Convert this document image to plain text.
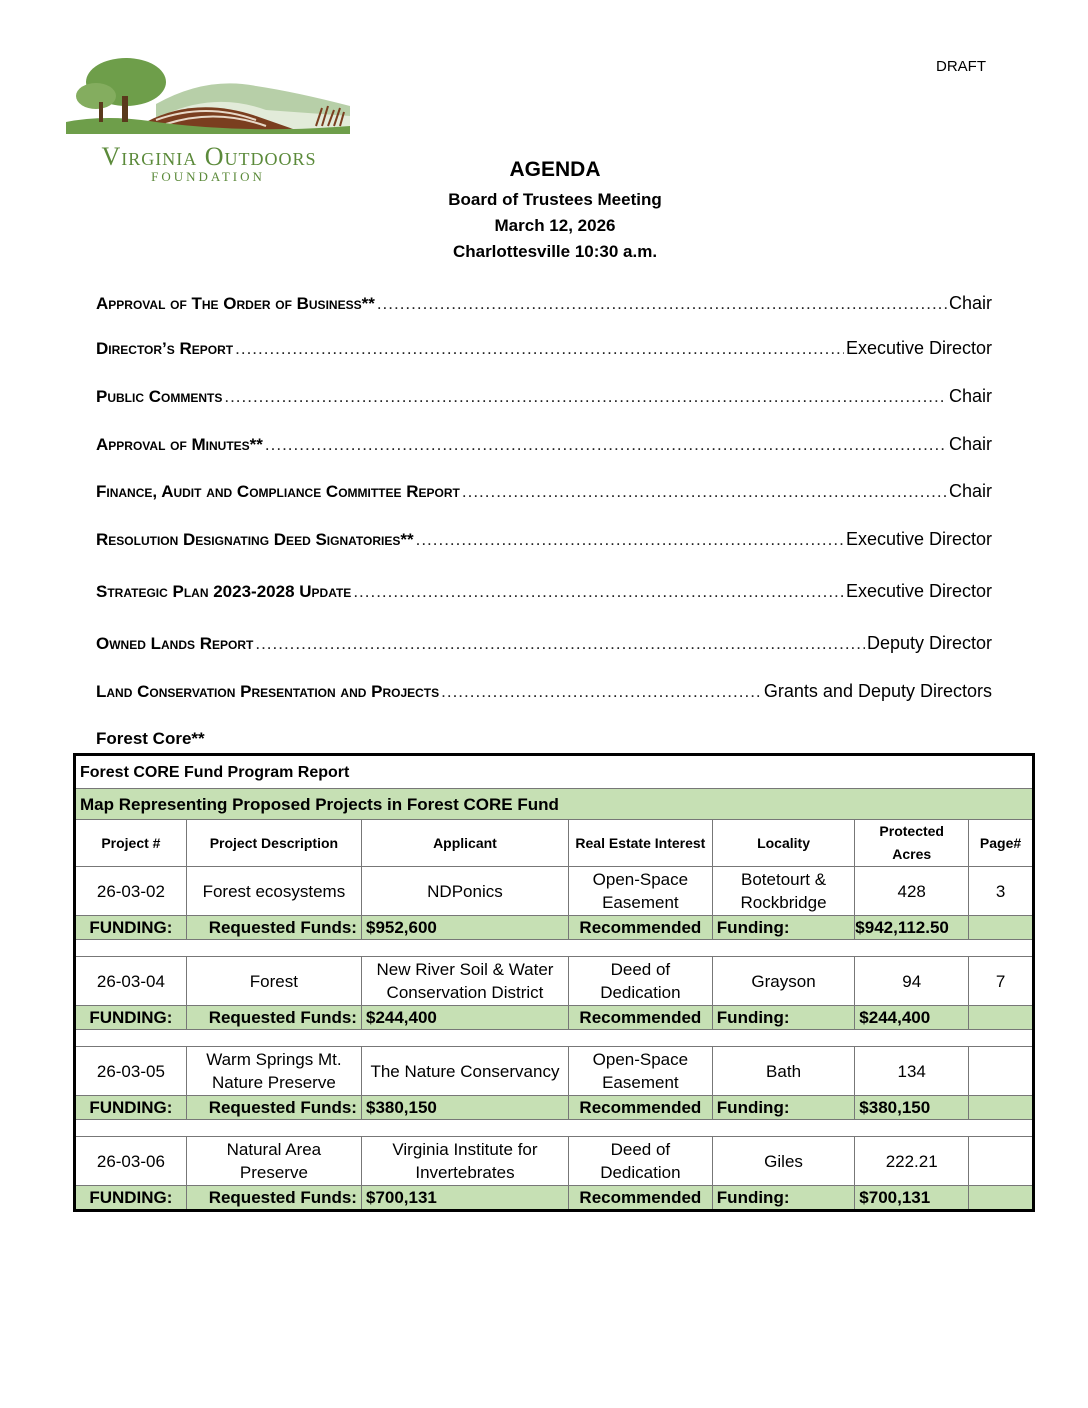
DRAFT
Virginia Outdoors
FOUNDATION	AGENDA
Board of Trustees Meeting
March 12, 2026
Charlottesville 10:30 a.m.
Approval of The Order of Business** .....	Chair
Director’s Report .....	Executive Director
Public Comments .....	Chair
Approval of Minutes** .....	Chair
Finance, Audit and Compliance Committee Report .....	Chair
Resolution Designating Deed Signatories** .....	Executive Director
Strategic Plan 2023-2028 Update .....	Executive Director
Owned Lands Report .....	Deputy Director
Land Conservation Presentation and Projects .....	Grants and Deputy Directors
Forest Core**
Forest CORE Fund Program Report						
Map Representing Proposed Projects in Forest CORE Fund						
Project #	Project Description	Applicant	Real Estate Interest	Locality	Protected Acres	Page#
26-03-02	Forest ecosystems	NDPonics	Open-Space Easement	Botetourt & Rockbridge	428	3
FUNDING:	Requested Funds:	$952,600	Recommended	Funding:	$942,112.50	

26-03-04	Forest	New River Soil & Water Conservation District	Deed of Dedication	Grayson	94	7
FUNDING:	Requested Funds:	$244,400	Recommended	Funding:	$244,400	

26-03-05	Warm Springs Mt. Nature Preserve	The Nature Conservancy	Open-Space Easement	Bath	134	
FUNDING:	Requested Funds:	$380,150	Recommended	Funding:	$380,150	

26-03-06	Natural Area Preserve	Virginia Institute for Invertebrates	Deed of Dedication	Giles	222.21	
FUNDING:	Requested Funds:	$700,131	Recommended	Funding:	$700,131	
